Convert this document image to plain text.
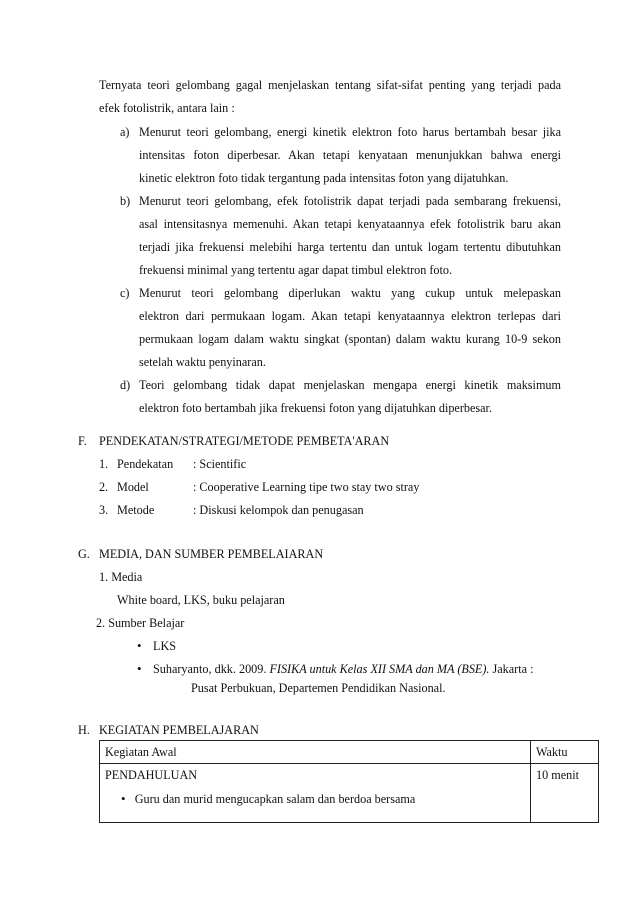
Ternyata teori gelombang gagal menjelaskan tentang sifat-sifat penting yang terjadi pada
efek fotolistrik, antara lain :
a) Menurut teori gelombang, energi kinetik elektron foto harus bertambah besar jika
intensitas foton diperbesar. Akan tetapi kenyataan menunjukkan bahwa energi
kinetic elektron foto tidak tergantung pada intensitas foton yang dijatuhkan.
b) Menurut teori gelombang, efek fotolistrik dapat terjadi pada sembarang frekuensi,
asal intensitasnya memenuhi. Akan tetapi kenyataannya efek fotolistrik baru akan
terjadi jika frekuensi melebihi harga tertentu dan untuk logam tertentu dibutuhkan
frekuensi minimal yang tertentu agar dapat timbul elektron foto.
c) Menurut teori gelombang diperlukan waktu yang cukup untuk melepaskan
elektron dari permukaan logam. Akan tetapi kenyataannya elektron terlepas dari
permukaan logam dalam waktu singkat (spontan) dalam waktu kurang 10-9 sekon
setelah waktu penyinaran.
d) Teori gelombang tidak dapat menjelaskan mengapa energi kinetik maksimum
elektron foto bertambah jika frekuensi foton yang dijatuhkan diperbesar.
F. PENDEKATAN/STRATEGI/METODE PEMBETA'ARAN
1. Pendekatan : Scientific
2. Model	: Cooperative Learning tipe two stay two stray
3. Metode	: Diskusi kelompok dan penugasan
G. MEDIA, DAN SUMBER PEMBELAIARAN
1. Media
White board, LKS, buku pelajaran
2. Sumber Belajar
• LKS
• Suharyanto, dkk. 2009. FISIKA untuk Kelas XII SMA dan MA (BSE). Jakarta :
Pusat Perbukuan, Departemen Pendidikan Nasional.
H. KEGIATAN PEMBELAJARAN
Kegiatan Awal	Waktu

PENDAHULUAN
• Guru dan murid mengucapkan salam dan berdoa bersama	10 menit
